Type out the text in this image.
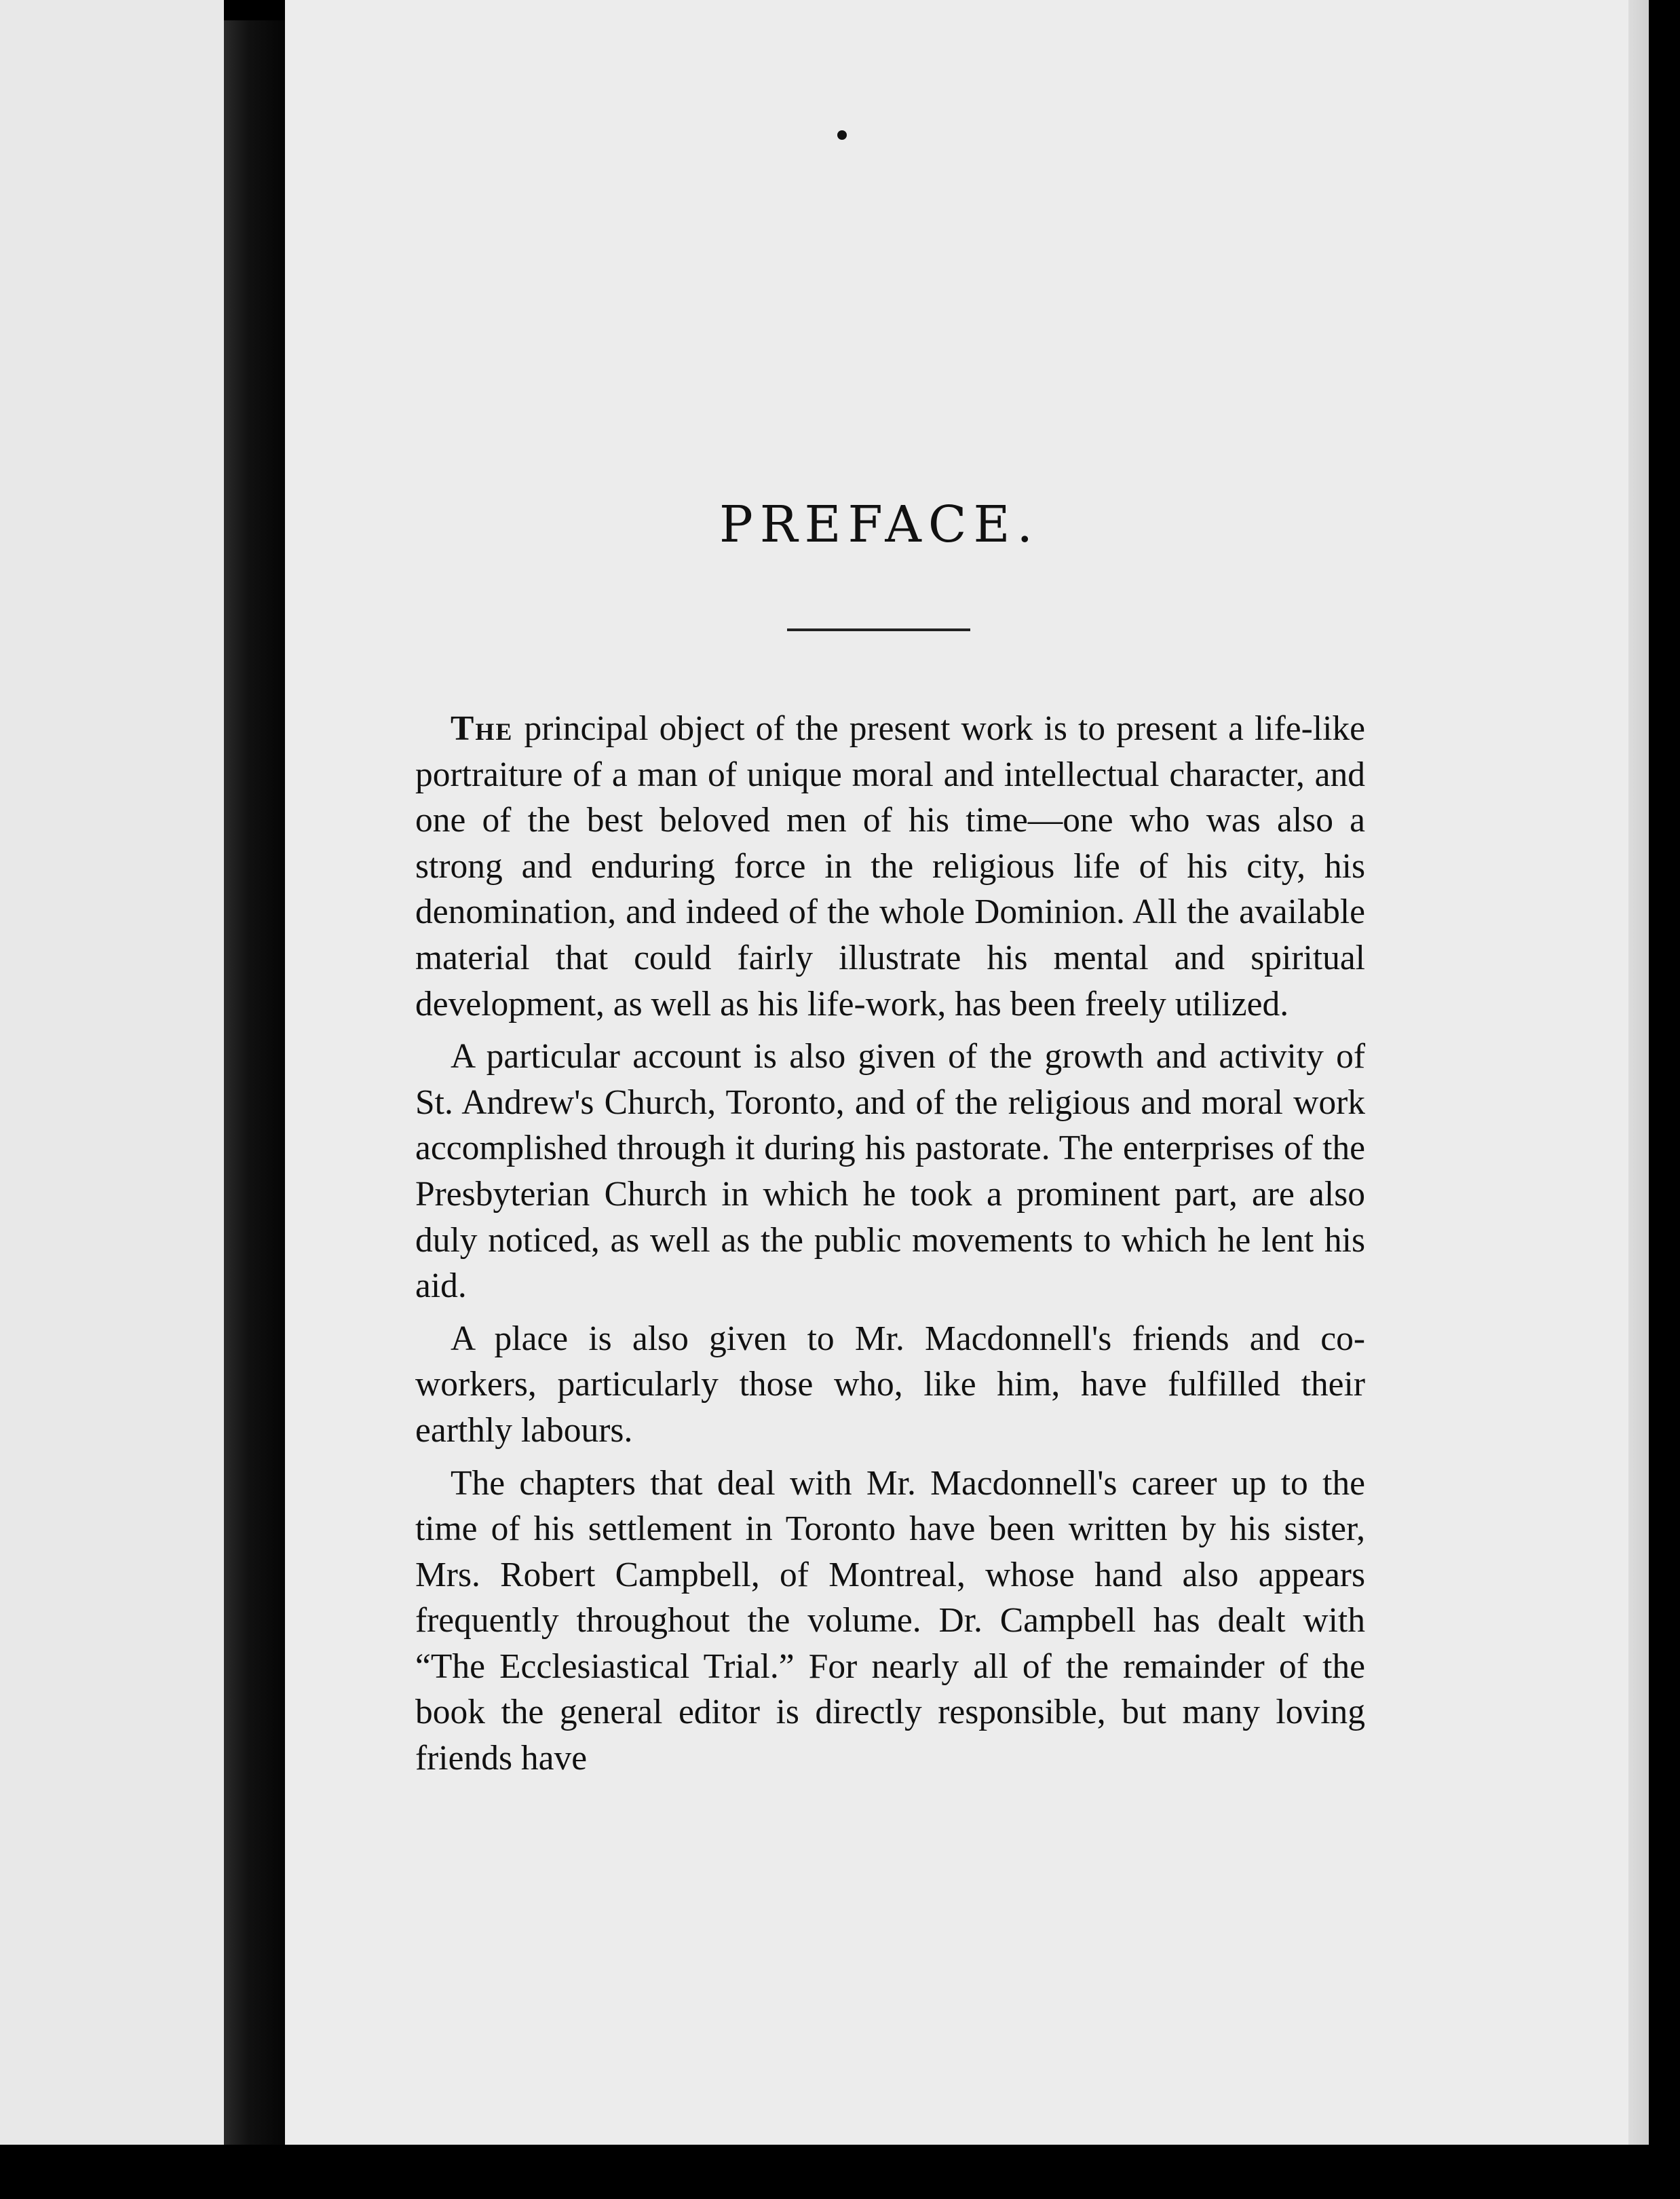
PREFACE.

The principal object of the present work is to present a life-like portraiture of a man of unique moral and intellectual character, and one of the best beloved men of his time—one who was also a strong and enduring force in the religious life of his city, his denomination, and indeed of the whole Dominion. All the available material that could fairly illustrate his mental and spiritual development, as well as his life-work, has been freely utilized.

A particular account is also given of the growth and activity of St. Andrew's Church, Toronto, and of the religious and moral work accomplished through it during his pastorate. The enterprises of the Presbyterian Church in which he took a prominent part, are also duly noticed, as well as the public movements to which he lent his aid.

A place is also given to Mr. Macdonnell's friends and co-workers, particularly those who, like him, have fulfilled their earthly labours.

The chapters that deal with Mr. Macdonnell's career up to the time of his settlement in Toronto have been written by his sister, Mrs. Robert Campbell, of Montreal, whose hand also appears frequently throughout the volume. Dr. Campbell has dealt with “The Ecclesiastical Trial.” For nearly all of the remainder of the book the general editor is directly responsible, but many loving friends have
